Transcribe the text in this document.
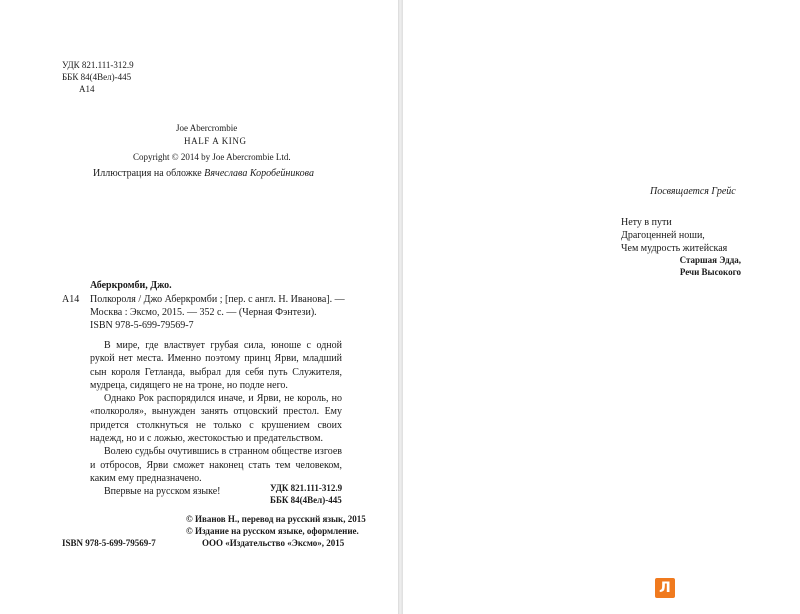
УДК 821.111-312.9
ББК 84(4Вел)-445
А14
Joe Abercrombie
HALF A KING
Copyright © 2014 by Joe Abercrombie Ltd.
Иллюстрация на обложке Вячеслава Коробейникова
Аберкромби, Джо.
А14 Полкороля / Джо Аберкромби ; [пер. с англ. Н. Иванова]. —
Москва : Эксмо, 2015. — 352 с. — (Черная Фэнтези).
ISBN 978-5-699-79569-7

В мире, где властвует грубая сила, юноше с одной рукой нет места. Именно поэтому принц Ярви, младший сын короля Гетланда, выбрал для себя путь Служителя, мудреца, сидящего не на троне, но подле него.

Однако Рок распорядился иначе, и Ярви, не король, но «полкороля», вынужден занять отцовский престол. Ему придется столкнуться не только с крушением своих надежд, но и с ложью, жестокостью и предательством.

Волею судьбы очутившись в странном обществе изгоев и отбросов, Ярви сможет наконец стать тем человеком, каким ему предназначено.

Впервые на русском языке!	УДК 821.111-312.9
ББК 84(4Вел)-445
© Иванов Н., перевод на русский язык, 2015
© Издание на русском языке, оформление.
ISBN 978-5-699-79569-7	ООО «Издательство «Эксмо», 2015
Посвящается Грейс
Нету в пути
Драгоценней ноши,
Чем мудрость житейская
Старшая Эдда,
Речи Высокого
Л
